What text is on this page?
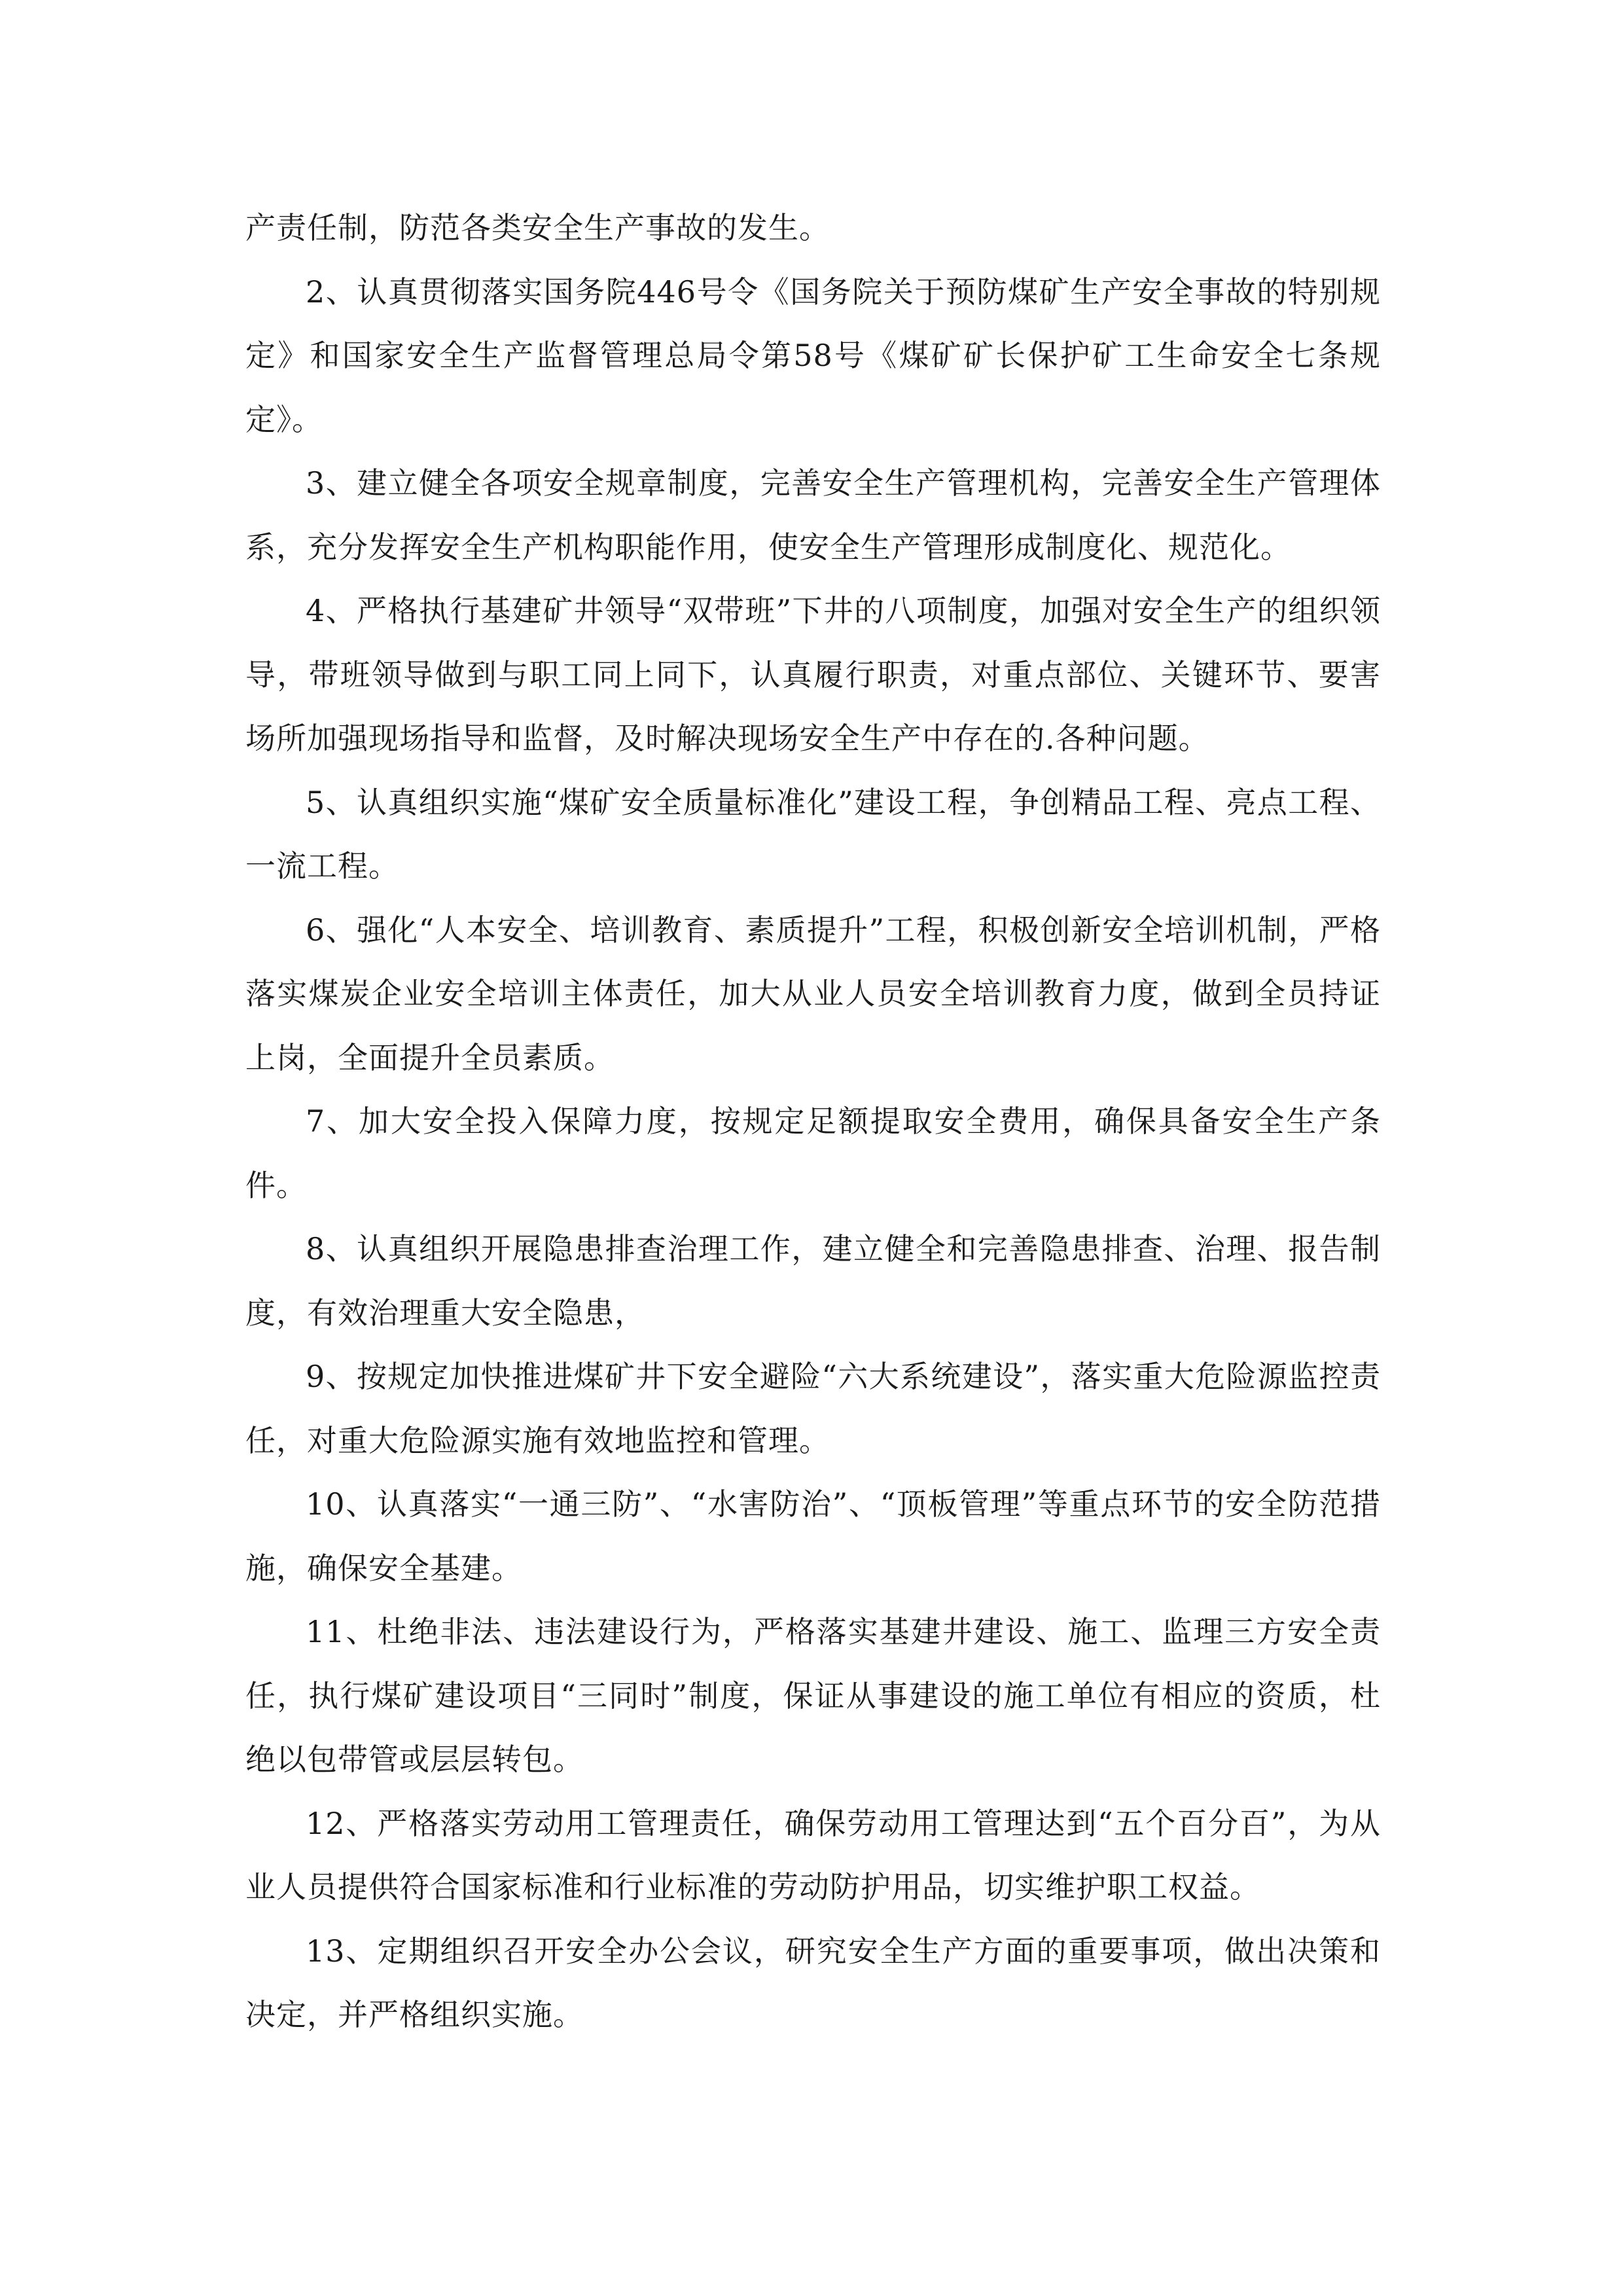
产责任制，防范各类安全生产事故的发生。

2、认真贯彻落实国务院446号令《国务院关于预防煤矿生产安全事故的特别规定》和国家安全生产监督管理总局令第58号《煤矿矿长保护矿工生命安全七条规定》。

3、建立健全各项安全规章制度，完善安全生产管理机构，完善安全生产管理体系，充分发挥安全生产机构职能作用，使安全生产管理形成制度化、规范化。

4、严格执行基建矿井领导“双带班”下井的八项制度，加强对安全生产的组织领导，带班领导做到与职工同上同下，认真履行职责，对重点部位、关键环节、要害场所加强现场指导和监督，及时解决现场安全生产中存在的.各种问题。

5、认真组织实施“煤矿安全质量标准化”建设工程，争创精品工程、亮点工程、一流工程。

6、强化“人本安全、培训教育、素质提升”工程，积极创新安全培训机制，严格落实煤炭企业安全培训主体责任，加大从业人员安全培训教育力度，做到全员持证上岗，全面提升全员素质。

7、加大安全投入保障力度，按规定足额提取安全费用，确保具备安全生产条件。

8、认真组织开展隐患排查治理工作，建立健全和完善隐患排查、治理、报告制度，有效治理重大安全隐患，

9、按规定加快推进煤矿井下安全避险“六大系统建设”，落实重大危险源监控责任，对重大危险源实施有效地监控和管理。

10、认真落实“一通三防”、“水害防治”、“顶板管理”等重点环节的安全防范措施，确保安全基建。

11、杜绝非法、违法建设行为，严格落实基建井建设、施工、监理三方安全责任，执行煤矿建设项目“三同时”制度，保证从事建设的施工单位有相应的资质，杜绝以包带管或层层转包。

12、严格落实劳动用工管理责任，确保劳动用工管理达到“五个百分百”，为从业人员提供符合国家标准和行业标准的劳动防护用品，切实维护职工权益。

13、定期组织召开安全办公会议，研究安全生产方面的重要事项，做出决策和决定，并严格组织实施。
